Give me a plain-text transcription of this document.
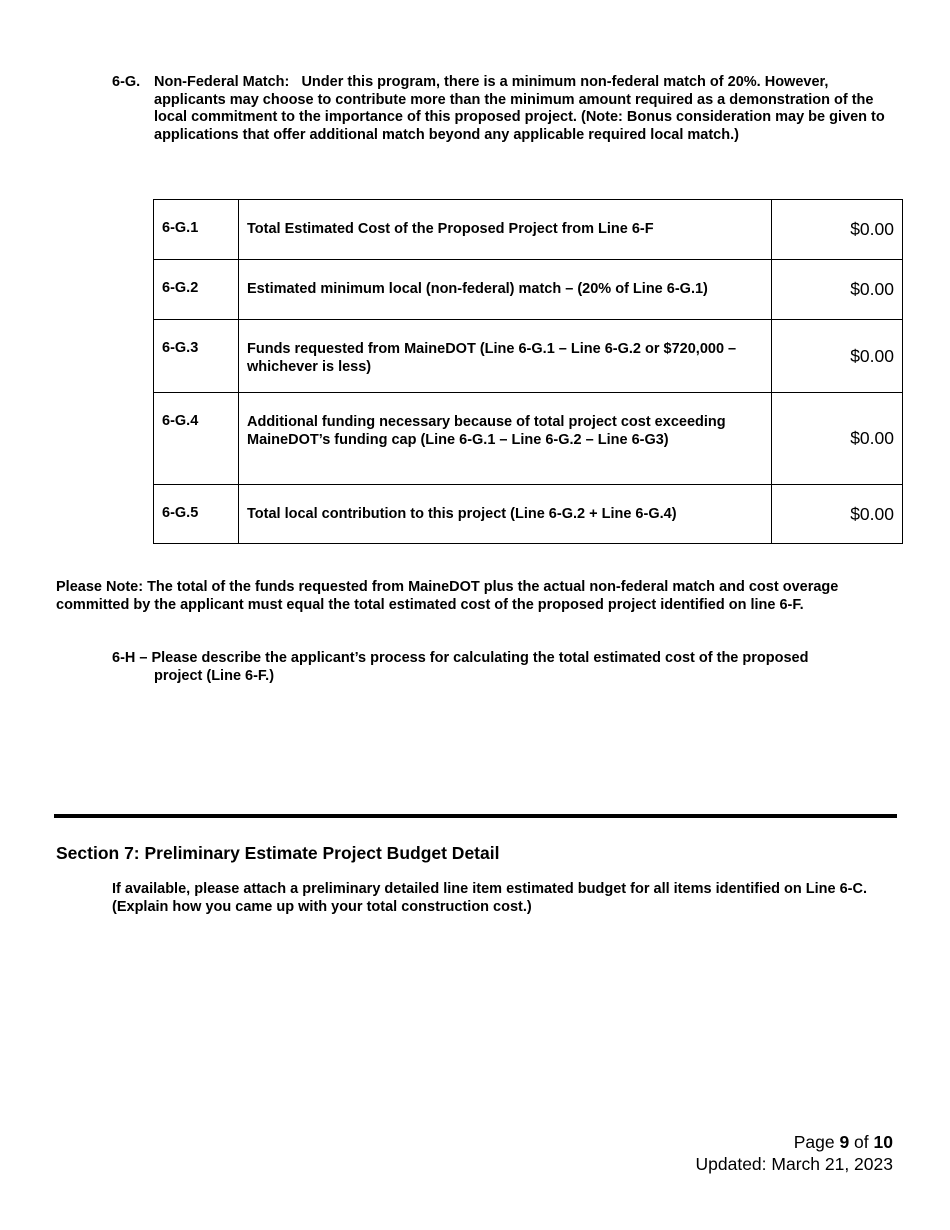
6-G. Non-Federal Match: Under this program, there is a minimum non-federal match of 20%. However,
applicants may choose to contribute more than the minimum amount required as a demonstration of the local commitment to the importance of this proposed project. (Note: Bonus consideration may be given to applications that offer additional match beyond any applicable required local match.)
6-G.1	Total Estimated Cost of the Proposed Project from Line 6-F	$0.00
6-G.2	Estimated minimum local (non-federal) match – (20% of Line 6-G.1)	$0.00
6-G.3	Funds requested from MaineDOT (Line 6-G.1 – Line 6-G.2 or $720,000 – whichever is less)	$0.00
6-G.4	Additional funding necessary because of total project cost exceeding MaineDOT’s funding cap (Line 6-G.1 – Line 6-G.2 – Line 6-G3)	$0.00
6-G.5	Total local contribution to this project (Line 6-G.2 + Line 6-G.4)	$0.00
Please Note: The total of the funds requested from MaineDOT plus the actual non-federal match and cost overage committed by the applicant must equal the total estimated cost of the proposed project identified on line 6-F.
6-H – Please describe the applicant’s process for calculating the total estimated cost of the proposed
project (Line 6-F.)
Section 7: Preliminary Estimate Project Budget Detail
If available, please attach a preliminary detailed line item estimated budget for all items identified on Line 6-C. (Explain how you came up with your total construction cost.)
Page 9 of 10
Updated: March 21, 2023
